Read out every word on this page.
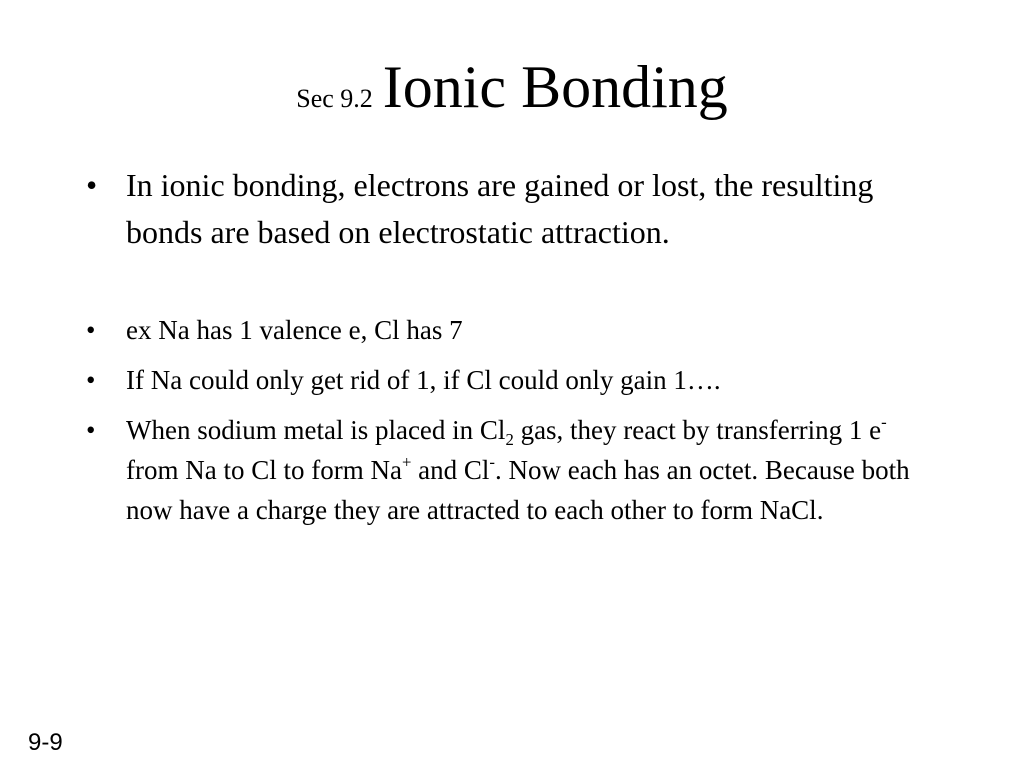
Sec 9.2 Ionic Bonding
• In ionic bonding, electrons are gained or lost, the resulting bonds are based on electrostatic attraction.
• ex Na has 1 valence e, Cl has 7
• If Na could only get rid of 1, if Cl could only gain 1….
• When sodium metal is placed in $Cl_2$ gas, they react by transferring 1 e- from Na to Cl to form Na+ and Cl-. Now each has an octet. Because both now have a charge they are attracted to each other to form NaCl.
9-9
